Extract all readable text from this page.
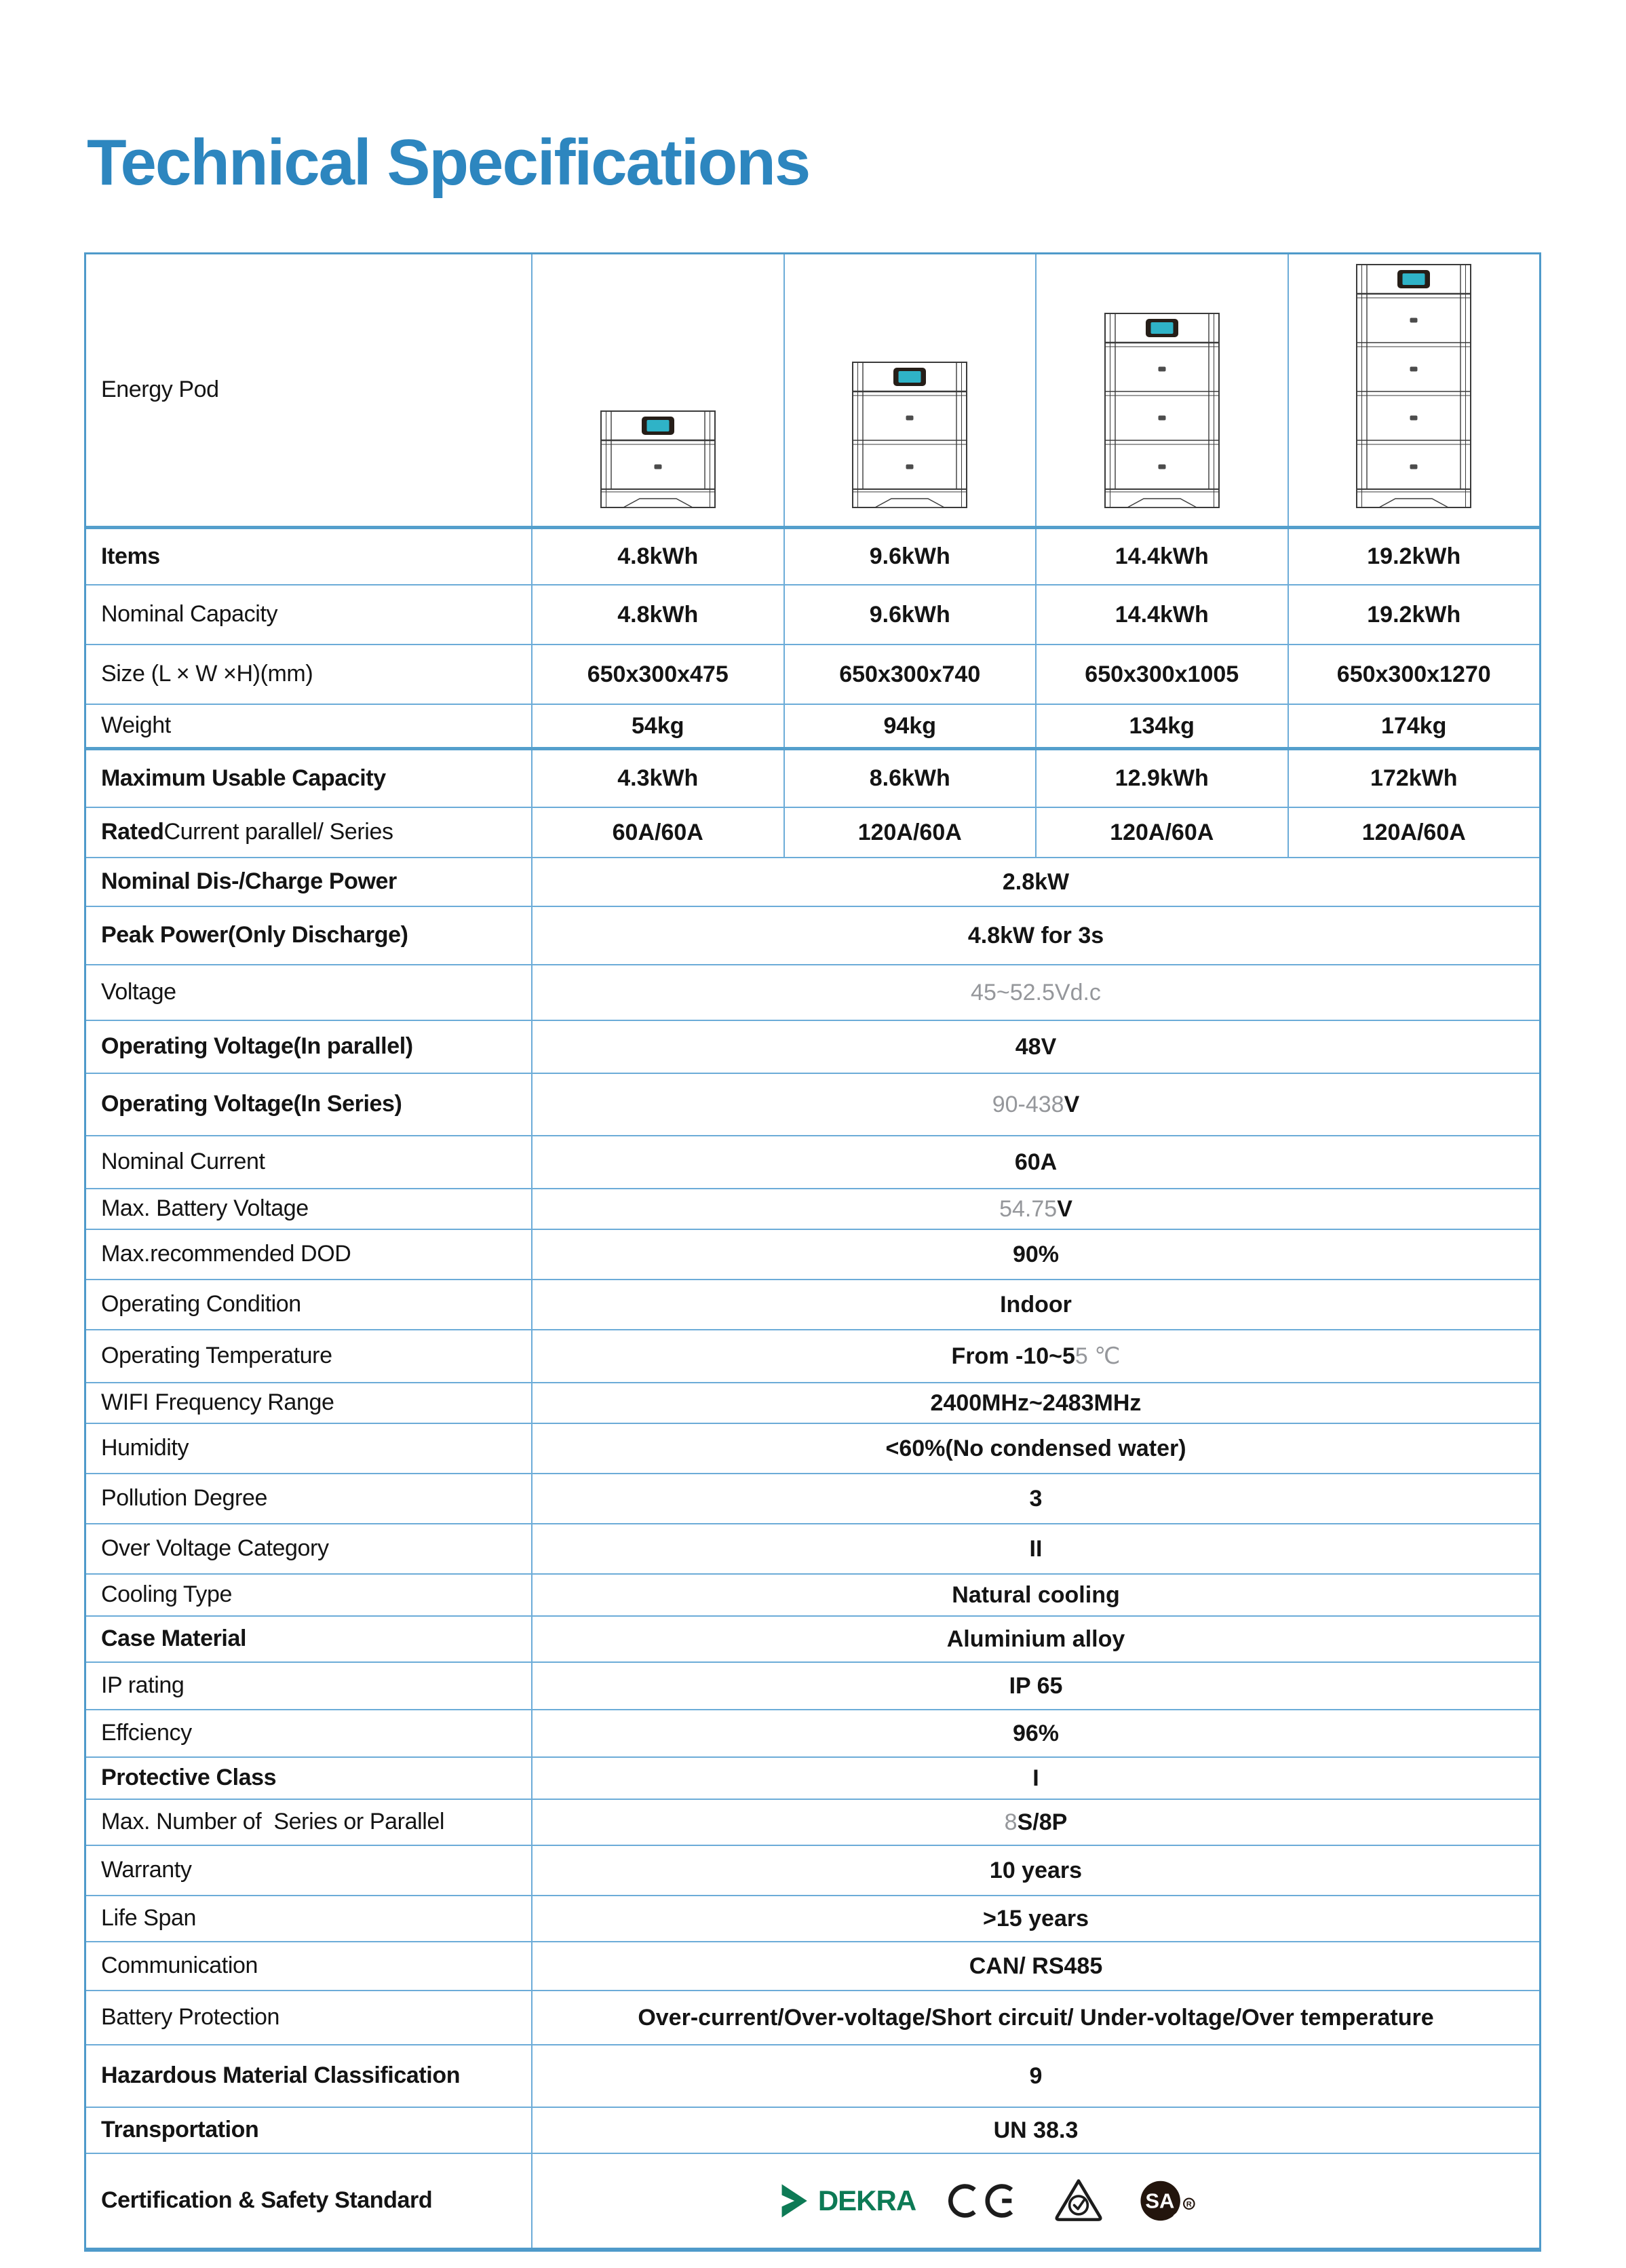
Technical Specifications
Energy Pod
Items	4.8kWh	9.6kWh	14.4kWh	19.2kWh
Nominal Capacity	4.8kWh	9.6kWh	14.4kWh	19.2kWh
Size (L × W ×H)(mm)	650x300x475	650x300x740	650x300x1005	650x300x1270
Weight	54kg	94kg	134kg	174kg
Maximum Usable Capacity	4.3kWh	8.6kWh	12.9kWh	172kWh
Rated Current parallel/ Series	60A/60A	120A/60A	120A/60A	120A/60A
Nominal Dis-/Charge Power	2.8kW
Peak Power(Only Discharge)	4.8kW for 3s
Voltage	45~52.5Vd.c
Operating Voltage(In parallel)	48V
Operating Voltage(In Series)	90-438 V
Nominal Current	60A
Max. Battery Voltage	54.75 V
Max.recommended DOD	90%
Operating Condition	Indoor
Operating Temperature	From -10~5 5 ℃
WIFI Frequency Range	2400MHz~2483MHz
Humidity	<60%(No condensed water)
Pollution Degree	3
Over Voltage Category	II
Cooling Type	Natural cooling
Case Material	Aluminium alloy
IP rating	IP 65
Effciency	96%
Protective Class	I
Max. Number of Series or Parallel	8 S/8P
Warranty	10 years
Life Span	>15 years
Communication	CAN/ RS485
Battery Protection	Over-current/Over-voltage/Short circuit/ Under-voltage/Over temperature
Hazardous Material Classification	9
Transportation	UN 38.3
Certification & Safety Standard	DEKRA	SA R
